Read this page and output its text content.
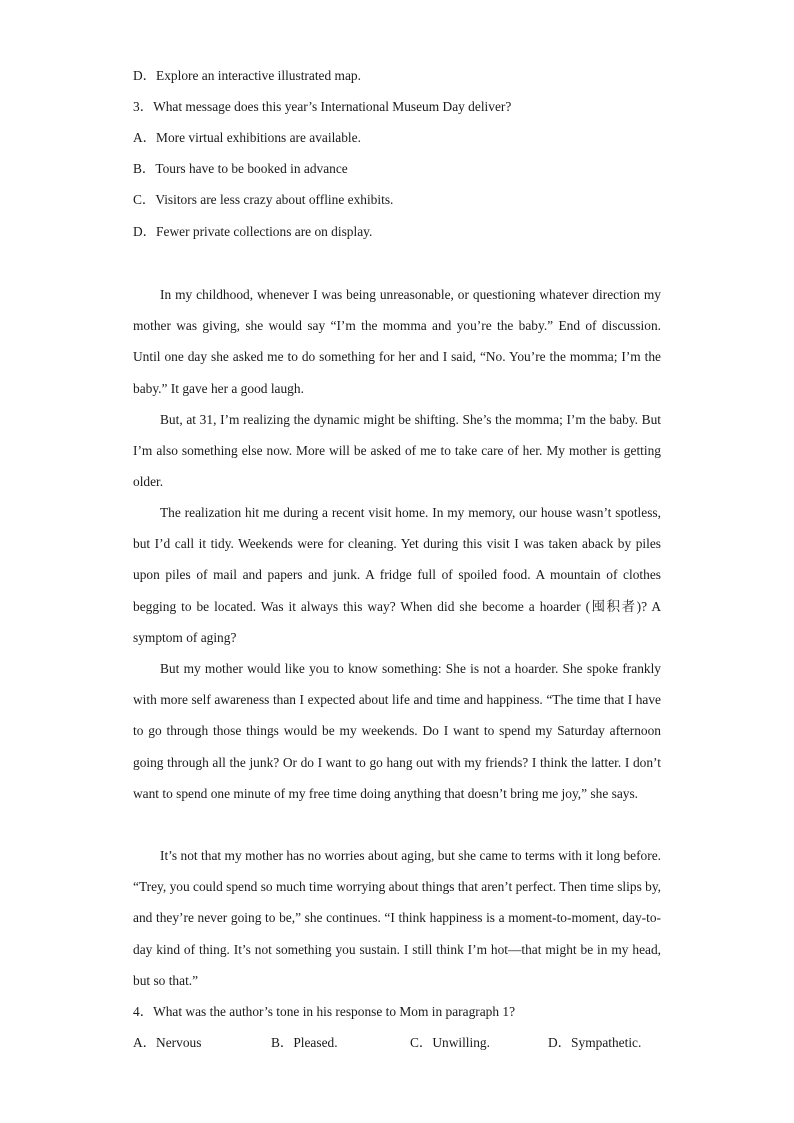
D．Explore an interactive illustrated map.
3．What message does this year’s International Museum Day deliver?
A．More virtual exhibitions are available.
B．Tours have to be booked in advance
C．Visitors are less crazy about offline exhibits.
D．Fewer private collections are on display.
In my childhood, whenever I was being unreasonable, or questioning whatever direction my mother was giving, she would say “I’m the momma and you’re the baby.” End of discussion. Until one day she asked me to do something for her and I said, “No. You’re the momma; I’m the baby.” It gave her a good laugh.
But, at 31, I’m realizing the dynamic might be shifting. She’s the momma; I’m the baby. But I’m also something else now. More will be asked of me to take care of her. My mother is getting older.
The realization hit me during a recent visit home. In my memory, our house wasn’t spotless, but I’d call it tidy. Weekends were for cleaning. Yet during this visit I was taken aback by piles upon piles of mail and papers and junk. A fridge full of spoiled food. A mountain of clothes begging to be located. Was it always this way? When did she become a hoarder (囤积者)? A symptom of aging?
But my mother would like you to know something: She is not a hoarder. She spoke frankly with more self awareness than I expected about life and time and happiness. “The time that I have to go through those things would be my weekends. Do I want to spend my Saturday afternoon going through all the junk? Or do I want to go hang out with my friends? I think the latter. I don’t want to spend one minute of my free time doing anything that doesn’t bring me joy,” she says.
It’s not that my mother has no worries about aging, but she came to terms with it long before. “Trey, you could spend so much time worrying about things that aren’t perfect. Then time slips by, and they’re never going to be,” she continues. “I think happiness is a moment-to-moment, day-to-day kind of thing. It’s not something you sustain. I still think I’m hot—that might be in my head, but so that.”
4．What was the author’s tone in his response to Mom in paragraph 1?
A．Nervous	B．Pleased.	C．Unwilling.	D．Sympathetic.
